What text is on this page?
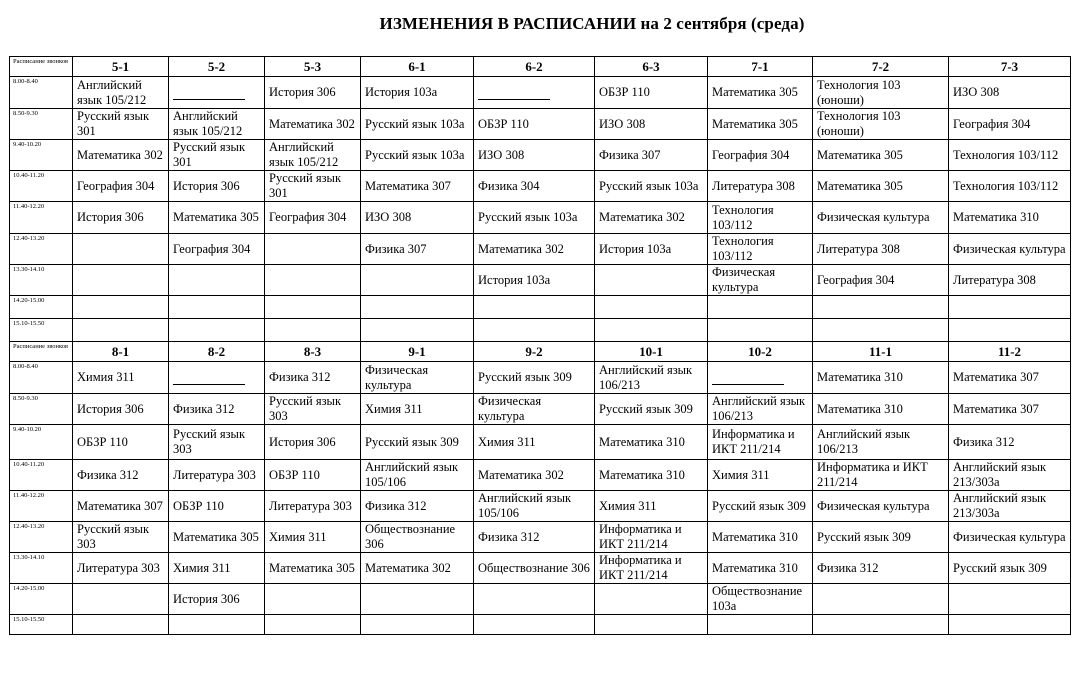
ИЗМЕНЕНИЯ В РАСПИСАНИИ на 2 сентября (среда)
Расписание звонков	5-1	5-2	5-3	6-1	6-2	6-3	7-1	7-2	7-3
8.00-8.40	Английский язык 105/212		История 306	История 103а		ОБЗР 110	Математика 305	Технология 103 (юноши)	ИЗО 308
8.50-9.30	Русский язык 301	Английский язык 105/212	Математика 302	Русский язык 103а	ОБЗР 110	ИЗО 308	Математика 305	Технология 103 (юноши)	География 304
9.40-10.20	Математика 302	Русский язык 301	Английский язык 105/212	Русский язык 103а	ИЗО 308	Физика 307	География 304	Математика 305	Технология 103/112
10.40-11.20	География 304	История 306	Русский язык 301	Математика 307	Физика 304	Русский язык 103а	Литература 308	Математика 305	Технология 103/112
11.40-12.20	История 306	Математика 305	География 304	ИЗО 308	Русский язык 103а	Математика 302	Технология 103/112	Физическая культура	Математика 310
12.40-13.20		География 304		Физика 307	Математика 302	История 103а	Технология 103/112	Литература 308	Физическая культура
13.30-14.10					История 103а		Физическая культура	География 304	Литература 308
14.20-15.00									
15.10-15.50									
Расписание звонков	8-1	8-2	8-3	9-1	9-2	10-1	10-2	11-1	11-2
8.00-8.40	Химия 311		Физика 312	Физическая культура	Русский язык 309	Английский язык 106/213		Математика 310	Математика 307
8.50-9.30	История 306	Физика 312	Русский язык 303	Химия 311	Физическая культура	Русский язык 309	Английский язык 106/213	Математика 310	Математика 307
9.40-10.20	ОБЗР 110	Русский язык 303	История 306	Русский язык 309	Химия 311	Математика 310	Информатика и ИКТ 211/214	Английский язык 106/213	Физика 312
10.40-11.20	Физика 312	Литература 303	ОБЗР 110	Английский язык 105/106	Математика 302	Математика 310	Химия 311	Информатика и ИКТ 211/214	Английский язык 213/303а
11.40-12.20	Математика 307	ОБЗР 110	Литература 303	Физика 312	Английский язык 105/106	Химия 311	Русский язык 309	Физическая культура	Английский язык 213/303а
12.40-13.20	Русский язык 303	Математика 305	Химия 311	Обществознание 306	Физика 312	Информатика и ИКТ 211/214	Математика 310	Русский язык 309	Физическая культура
13.30-14.10	Литература 303	Химия 311	Математика 305	Математика 302	Обществознание 306	Информатика и ИКТ 211/214	Математика 310	Физика 312	Русский язык 309
14.20-15.00		История 306					Обществознание 103а		
15.10-15.50									
